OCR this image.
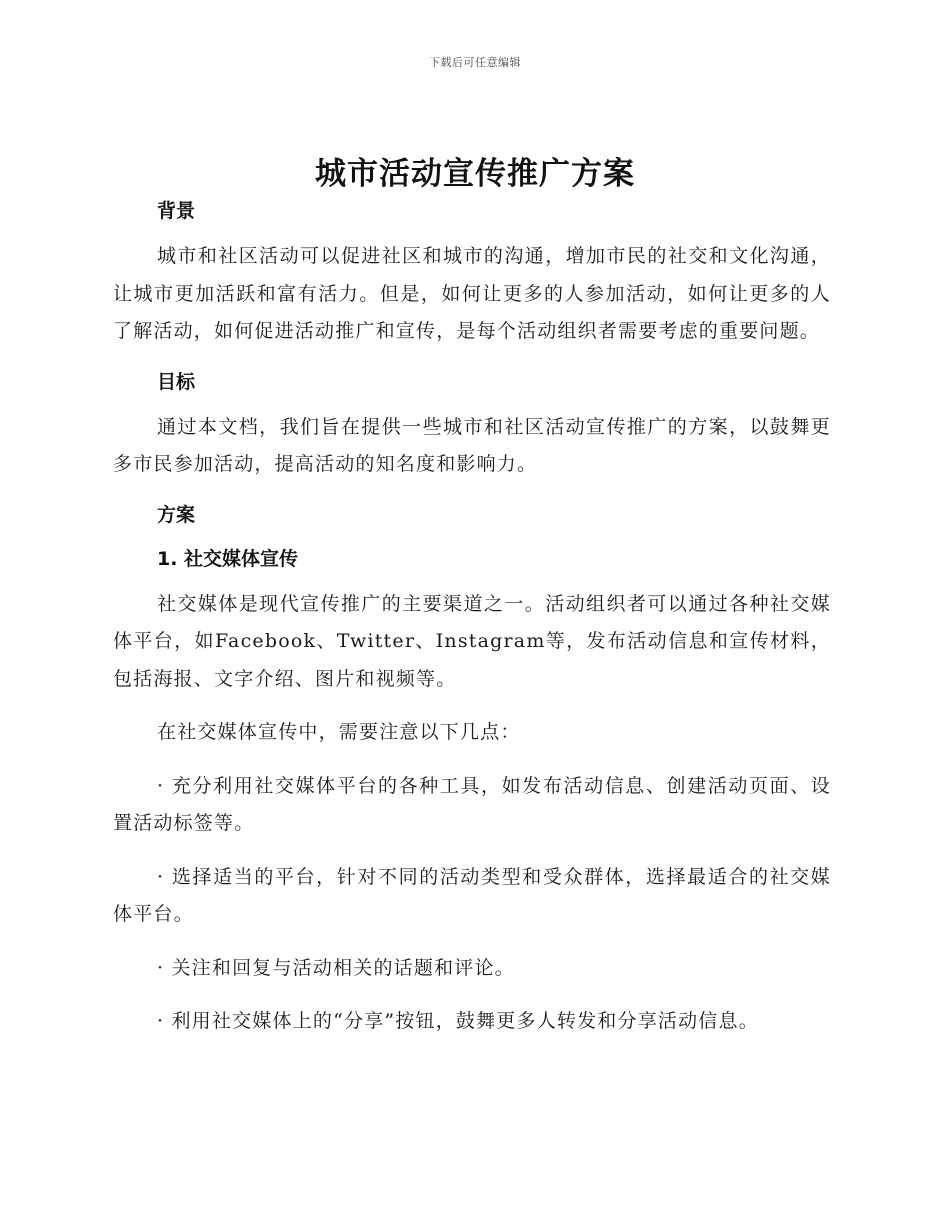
下载后可任意编辑
城市活动宣传推广方案
背景

城市和社区活动可以促进社区和城市的沟通，增加市民的社交和文化沟通，让城市更加活跃和富有活力。但是，如何让更多的人参加活动，如何让更多的人了解活动，如何促进活动推广和宣传，是每个活动组织者需要考虑的重要问题。

目标

通过本文档，我们旨在提供一些城市和社区活动宣传推广的方案，以鼓舞更多市民参加活动，提高活动的知名度和影响力。

方案
1. 社交媒体宣传

社交媒体是现代宣传推广的主要渠道之一。活动组织者可以通过各种社交媒体平台，如Facebook、Twitter、Instagram等，发布活动信息和宣传材料，包括海报、文字介绍、图片和视频等。

在社交媒体宣传中，需要注意以下几点：

· 充分利用社交媒体平台的各种工具，如发布活动信息、创建活动页面、设置活动标签等。

· 选择适当的平台，针对不同的活动类型和受众群体，选择最适合的社交媒体平台。

· 关注和回复与活动相关的话题和评论。

· 利用社交媒体上的“分享”按钮，鼓舞更多人转发和分享活动信息。
